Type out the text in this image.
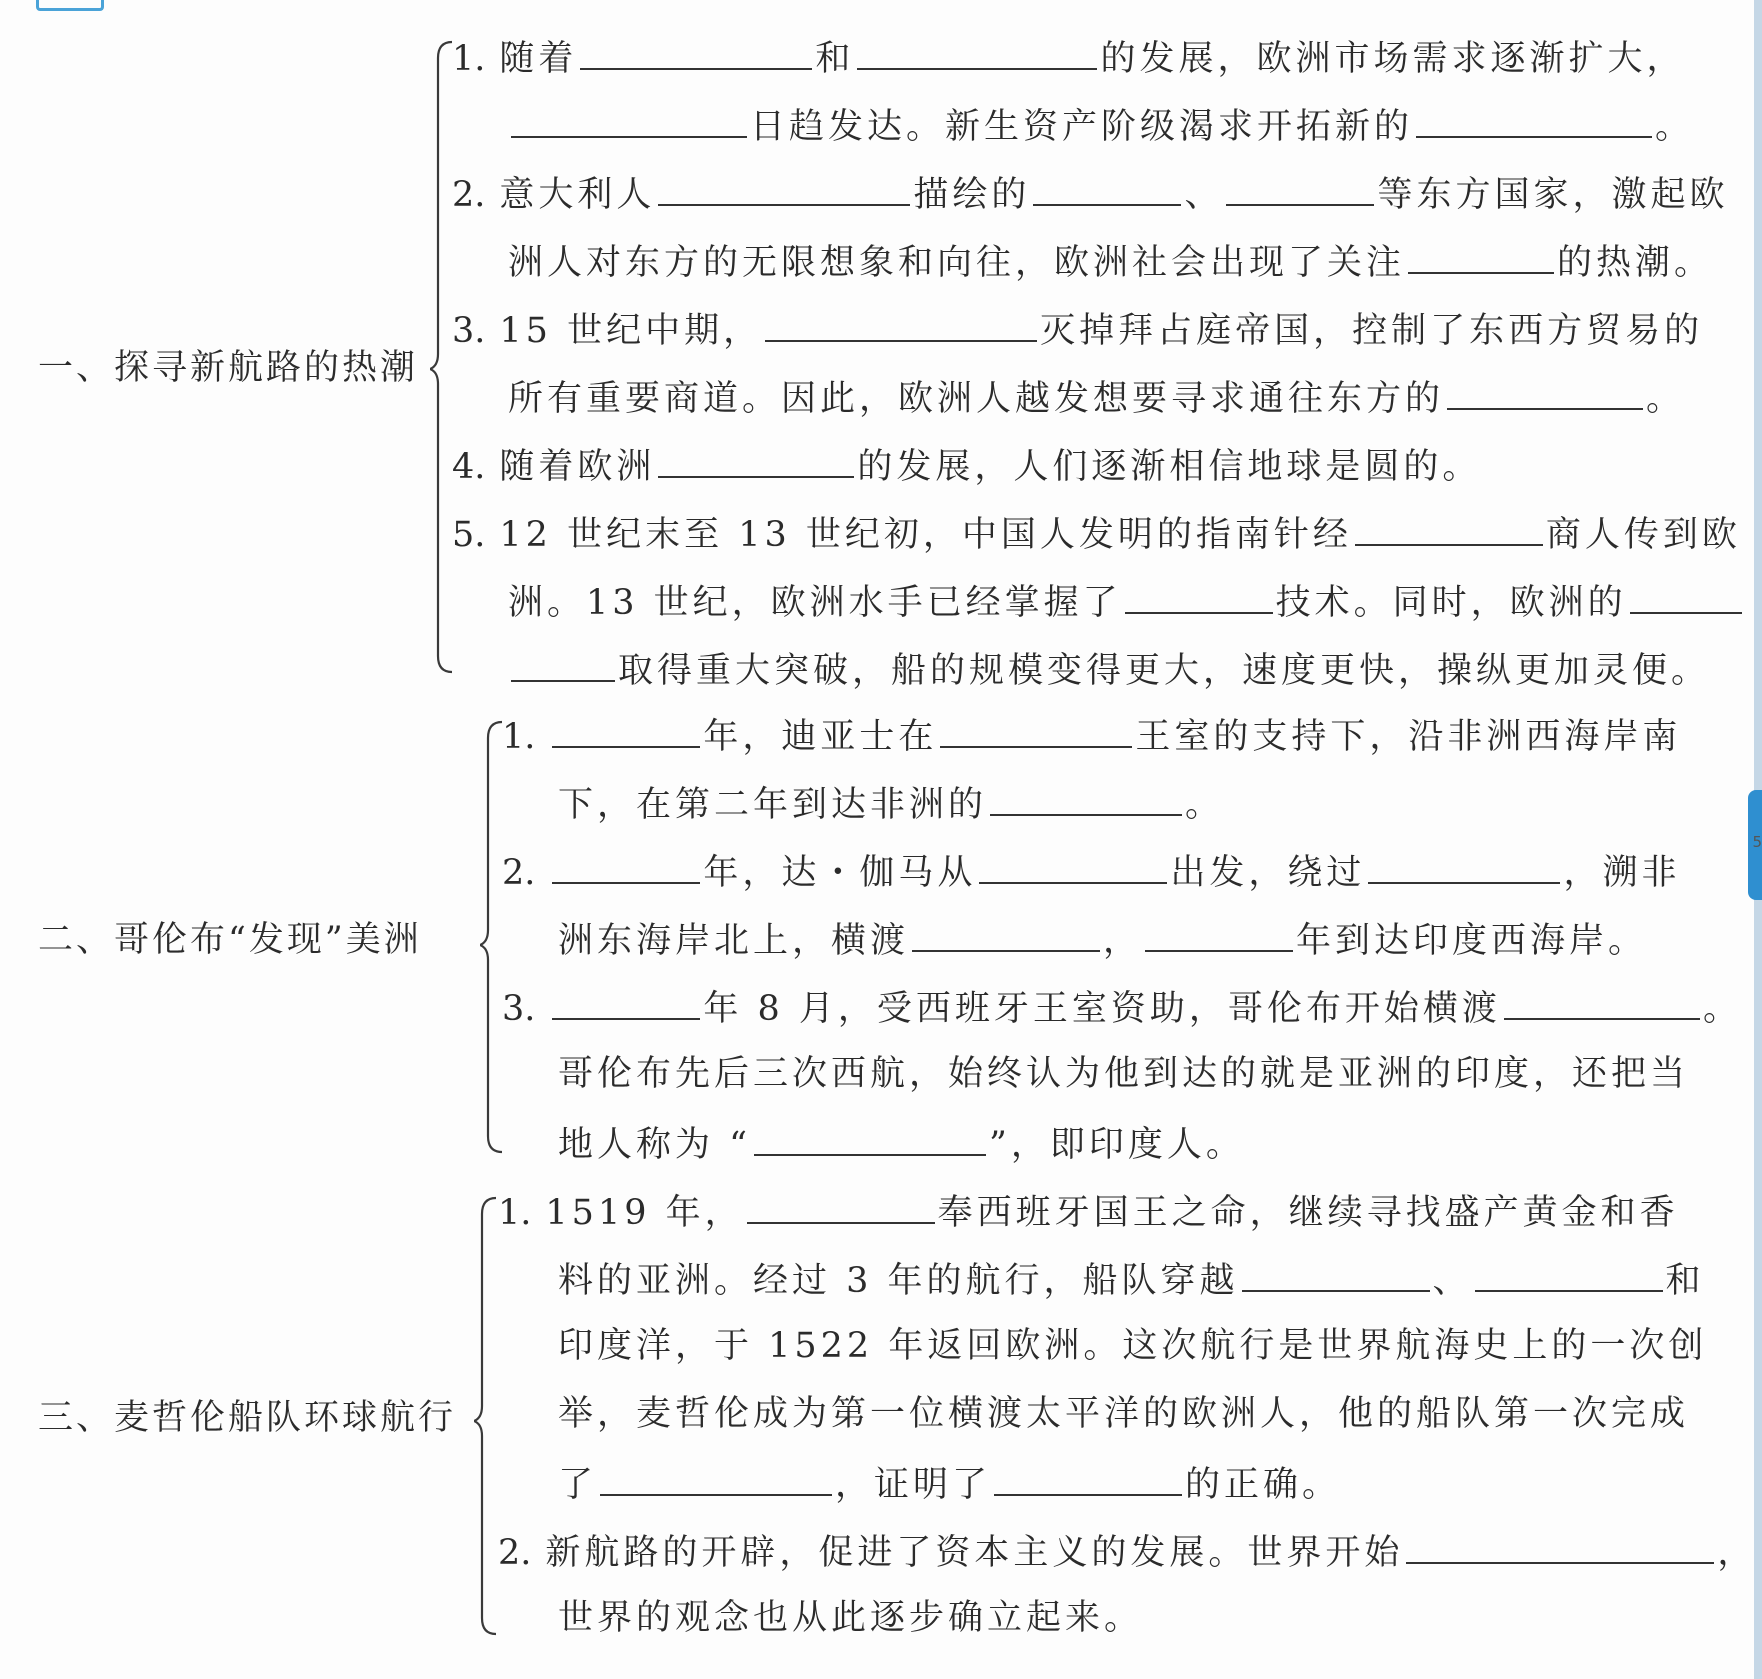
5
一、探寻新航路的热潮
1. 随着	和	的发展，欧洲市场需求逐渐扩大，
日趋发达。新生资产阶级渴求开拓新的	。
2. 意大利人	描绘的	、	等东方国家，激起欧
洲人对东方的无限想象和向往，欧洲社会出现了关注	的热潮。
3. 15 世纪中期，	灭掉拜占庭帝国，控制了东西方贸易的
所有重要商道。因此，欧洲人越发想要寻求通往东方的	。
4. 随着欧洲	的发展，人们逐渐相信地球是圆的。
5. 12 世纪末至 13 世纪初，中国人发明的指南针经	商人传到欧
洲。13 世纪，欧洲水手已经掌握了	技术。同时，欧洲的
取得重大突破，船的规模变得更大，速度更快，操纵更加灵便。
二、哥伦布“发现”美洲
1.	年，迪亚士在	王室的支持下，沿非洲西海岸南
下，在第二年到达非洲的	。
2.	年，达・伽马从	出发，绕过	，溯非
洲东海岸北上，横渡	，	年到达印度西海岸。
3.	年 8 月，受西班牙王室资助，哥伦布开始横渡	。
哥伦布先后三次西航，始终认为他到达的就是亚洲的印度，还把当
地人称为 “	”，即印度人。
三、麦哲伦船队环球航行
1. 1519 年，	奉西班牙国王之命，继续寻找盛产黄金和香
料的亚洲。经过 3 年的航行，船队穿越	、	和
印度洋，于 1522 年返回欧洲。这次航行是世界航海史上的一次创
举，麦哲伦成为第一位横渡太平洋的欧洲人，他的船队第一次完成
了	，证明了	的正确。
2. 新航路的开辟，促进了资本主义的发展。世界开始	，
世界的观念也从此逐步确立起来。
